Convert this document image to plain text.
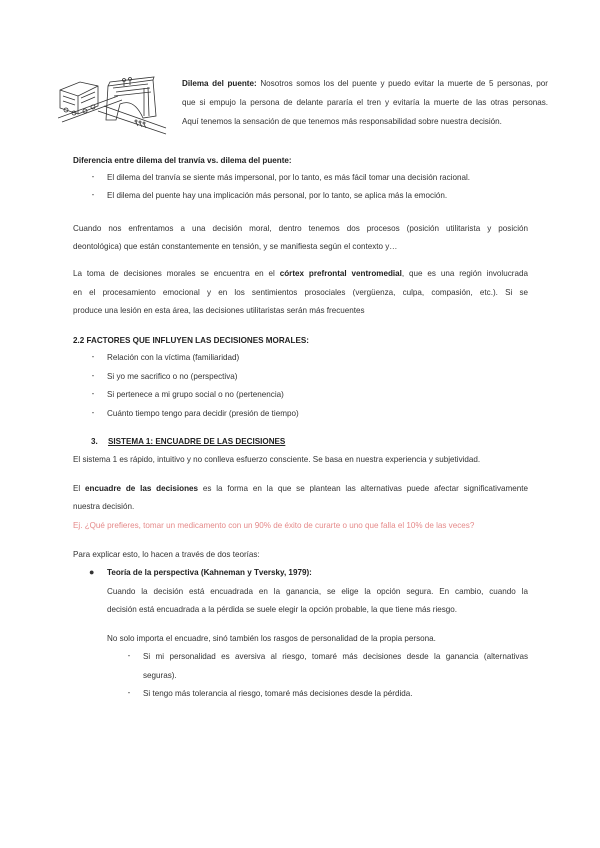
Dilema del puente: Nosotros somos los del puente y puedo evitar la muerte de 5 personas, por
que si empujo la persona de delante pararía el tren y evitaría la muerte de las otras personas.
Aquí tenemos la sensación de que tenemos más responsabilidad sobre nuestra decisión.
Diferencia entre dilema del tranvía vs. dilema del puente:
-	El dilema del tranvía se siente más impersonal, por lo tanto, es más fácil tomar una decisión racional.
-	El dilema del puente hay una implicación más personal, por lo tanto, se aplica más la emoción.
Cuando nos enfrentamos a una decisión moral, dentro tenemos dos procesos (posición utilitarista y posición
deontológica) que están constantemente en tensión, y se manifiesta según el contexto y…
La toma de decisiones morales se encuentra en el córtex prefrontal ventromedial, que es una región involucrada
en el procesamiento emocional y en los sentimientos prosociales (vergüenza, culpa, compasión, etc.). Si se
produce una lesión en esta área, las decisiones utilitaristas serán más frecuentes
2.2 FACTORES QUE INFLUYEN LAS DECISIONES MORALES:
-	Relación con la víctima (familiaridad)
-	Si yo me sacrifico o no (perspectiva)
-	Si pertenece a mi grupo social o no (pertenencia)
-	Cuánto tiempo tengo para decidir (presión de tiempo)
3. SISTEMA 1: ENCUADRE DE LAS DECISIONES
El sistema 1 es rápido, intuitivo y no conlleva esfuerzo consciente. Se basa en nuestra experiencia y subjetividad.
El encuadre de las decisiones es la forma en la que se plantean las alternativas puede afectar significativamente
nuestra decisión.
Ej. ¿Qué prefieres, tomar un medicamento con un 90% de éxito de curarte o uno que falla el 10% de las veces?
Para explicar esto, lo hacen a través de dos teorías:
● Teoría de la perspectiva (Kahneman y Tversky, 1979):
Cuando la decisión está encuadrada en la ganancia, se elige la opción segura. En cambio, cuando la
decisión está encuadrada a la pérdida se suele elegir la opción probable, la que tiene más riesgo.
No solo importa el encuadre, sinó también los rasgos de personalidad de la propia persona.
-	Si mi personalidad es aversiva al riesgo, tomaré más decisiones desde la ganancia (alternativas
seguras).
-	Si tengo más tolerancia al riesgo, tomaré más decisiones desde la pérdida.
